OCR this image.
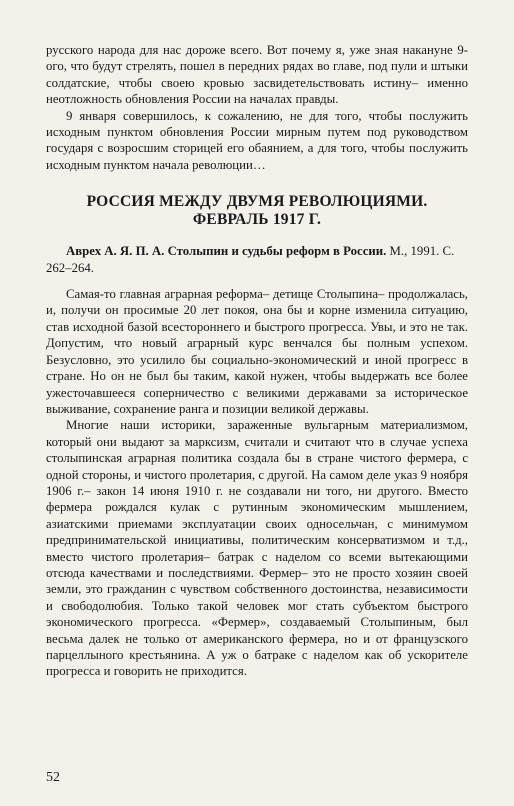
русского народа для нас дороже всего. Вот почему я, уже зная накануне 9-ого, что будут стрелять, пошел в передних рядах во главе, под пули и штыки солдатские, чтобы своею кровью засвидетельствовать истину– именно неотложность обновления России на началах правды.

9 января совершилось, к сожалению, не для того, чтобы послужить исходным пунктом обновления России мирным путем под руководством государя с возросшим сторицей его обаянием, а для того, чтобы послужить исходным пунктом начала революции…

РОССИЯ МЕЖДУ ДВУМЯ РЕВОЛЮЦИЯМИ.
ФЕВРАЛЬ 1917 Г.

Аврех А. Я. П. А. Столыпин и судьбы реформ в России. М., 1991. С. 262–264.

Самая-то главная аграрная реформа– детище Столыпина– продолжалась, и, получи он просимые 20 лет покоя, она бы и корне изменила ситуацию, став исходной базой всестороннего и быстрого прогресса. Увы, и это не так. Допустим, что новый аграрный курс венчался бы полным успехом. Безусловно, это усилило бы социально-экономический и иной прогресс в стране. Но он не был бы таким, какой нужен, чтобы выдержать все более ужесточавшееся соперничество с великими державами за историческое выживание, сохранение ранга и позиции великой державы.

Многие наши историки, зараженные вульгарным материализмом, который они выдают за марксизм, считали и считают что в случае успеха столыпинская аграрная политика создала бы в стране чистого фермера, с одной стороны, и чистого пролетария, с другой. На самом деле указ 9 ноября 1906 г.– закон 14 июня 1910 г. не создавали ни того, ни другого. Вместо фермера рождался кулак с рутинным экономическим мышлением, азиатскими приемами эксплуатации своих односельчан, с минимумом предпринимательской инициативы, политическим консерватизмом и т.д., вместо чистого пролетария– батрак с наделом со всеми вытекающими отсюда качествами и последствиями. Фермер– это не просто хозяин своей земли, это гражданин с чувством собственного достоинства, независимости и свободолюбия. Только такой человек мог стать субъектом быстрого экономического прогресса. «Фермер», создаваемый Столыпиным, был весьма далек не только от американского фермера, но и от французского парцеллыного крестьянина. А уж о батраке с наделом как об ускорителе прогресса и говорить не приходится.

52
